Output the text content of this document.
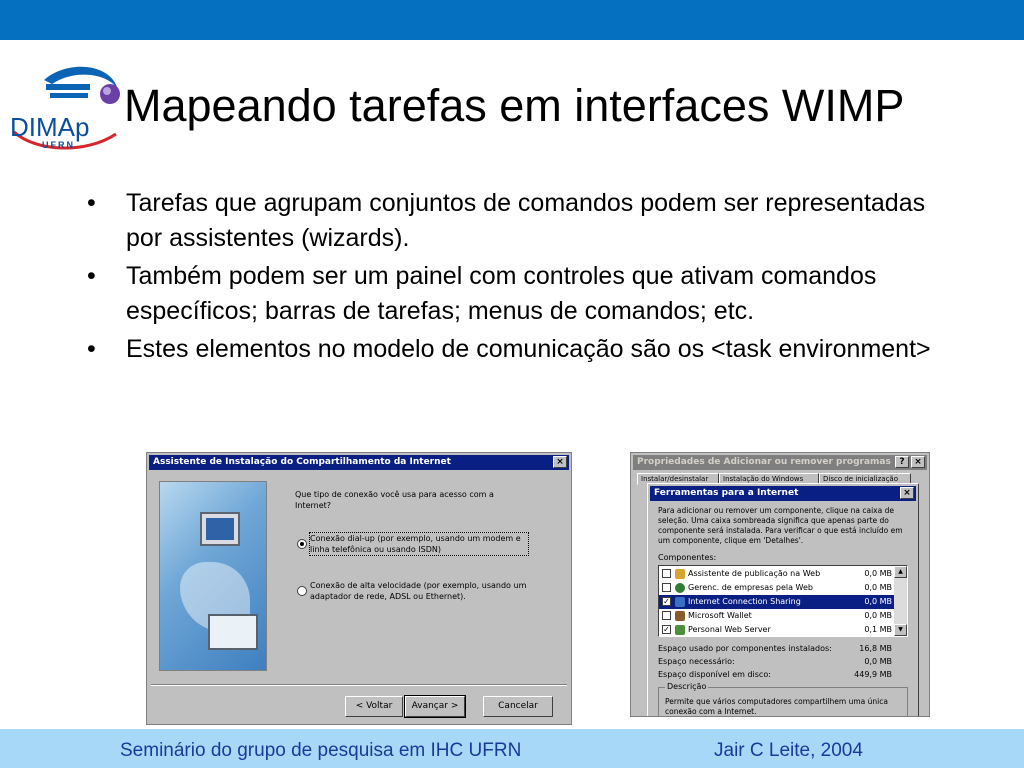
DIMAp
UFRN
Mapeando tarefas em interfaces WIMP
• Tarefas que agrupam conjuntos de comandos podem ser representadas por assistentes (wizards).
• Também podem ser um painel com controles que ativam comandos específicos; barras de tarefas; menus de comandos; etc.
• Estes elementos no modelo de comunicação são os <task environment>
Assistente de Instalação do Compartilhamento da Internet	×
Que tipo de conexão você usa para acesso com a Internet?
Conexão dial-up (por exemplo, usando um modem e linha telefônica ou usando ISDN)
Conexão de alta velocidade (por exemplo, usando um adaptador de rede, ADSL ou Ethernet).
< Voltar	Avançar >	Cancelar
Propriedades de Adicionar ou remover programas ?	×
Instalar/desinstalar	Instalação do Windows	Disco de inicialização
Ferramentas para a Internet	×
Para adicionar ou remover um componente, clique na caixa de seleção. Uma caixa sombreada significa que apenas parte do componente será instalada. Para verificar o que está incluído em um componente, clique em 'Detalhes'.
Componentes:
Assistente de publicação na Web	0,0 MB
Gerenc. de empresas pela Web	0,0 MB
✓ Internet Connection Sharing	0,0 MB
Microsoft Wallet	0,0 MB
✓ Personal Web Server	0,1 MB
▲
▼
Espaço usado por componentes instalados:	16,8 MB
Espaço necessário:	0,0 MB
Espaço disponível em disco:	449,9 MB
Descrição
Permite que vários computadores compartilhem uma única conexão com a Internet.
Seminário do grupo de pesquisa em IHC UFRN	Jair C Leite, 2004
